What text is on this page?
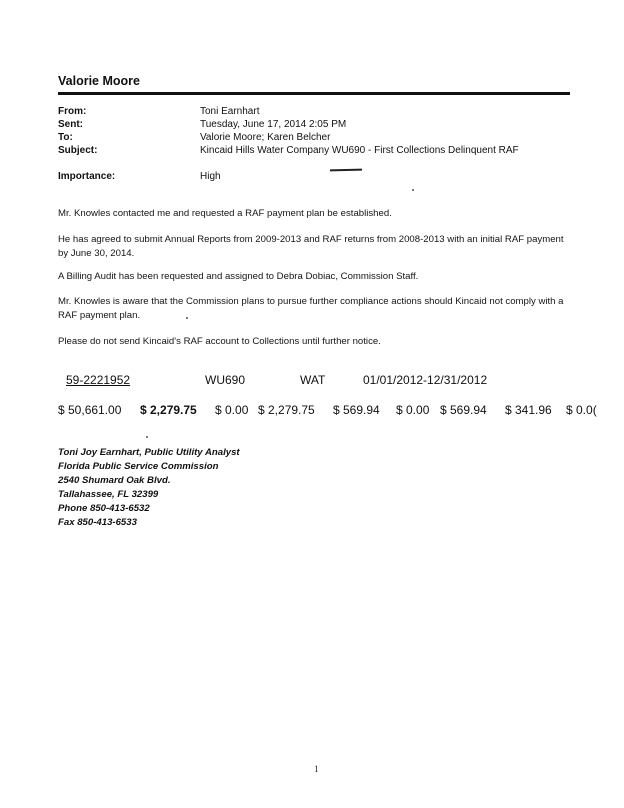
Valorie Moore
From:	Toni Earnhart
Sent:	Tuesday, June 17, 2014 2:05 PM
To:	Valorie Moore; Karen Belcher
Subject:	Kincaid Hills Water Company WU690 - First Collections Delinquent RAF
Importance:	High
Mr. Knowles contacted me and requested a RAF payment plan be established.
He has agreed to submit Annual Reports from 2009-2013 and RAF returns from 2008-2013 with an initial RAF payment
by June 30, 2014.
A Billing Audit has been requested and assigned to Debra Dobiac, Commission Staff.
Mr. Knowles is aware that the Commission plans to pursue further compliance actions should Kincaid not comply with a
RAF payment plan.
Please do not send Kincaid's RAF account to Collections until further notice.
59-2221952	WU690	WAT	01/01/2012-12/31/2012
$ 50,661.00 $ 2,279.75 $ 0.00 $ 2,279.75 $ 569.94 $ 0.00 $ 569.94 $ 341.96 $ 0.0(
Toni Joy Earnhart, Public Utility Analyst
Florida Public Service Commission
2540 Shumard Oak Blvd.
Tallahassee, FL 32399
Phone 850-413-6532
Fax 850-413-6533
1
